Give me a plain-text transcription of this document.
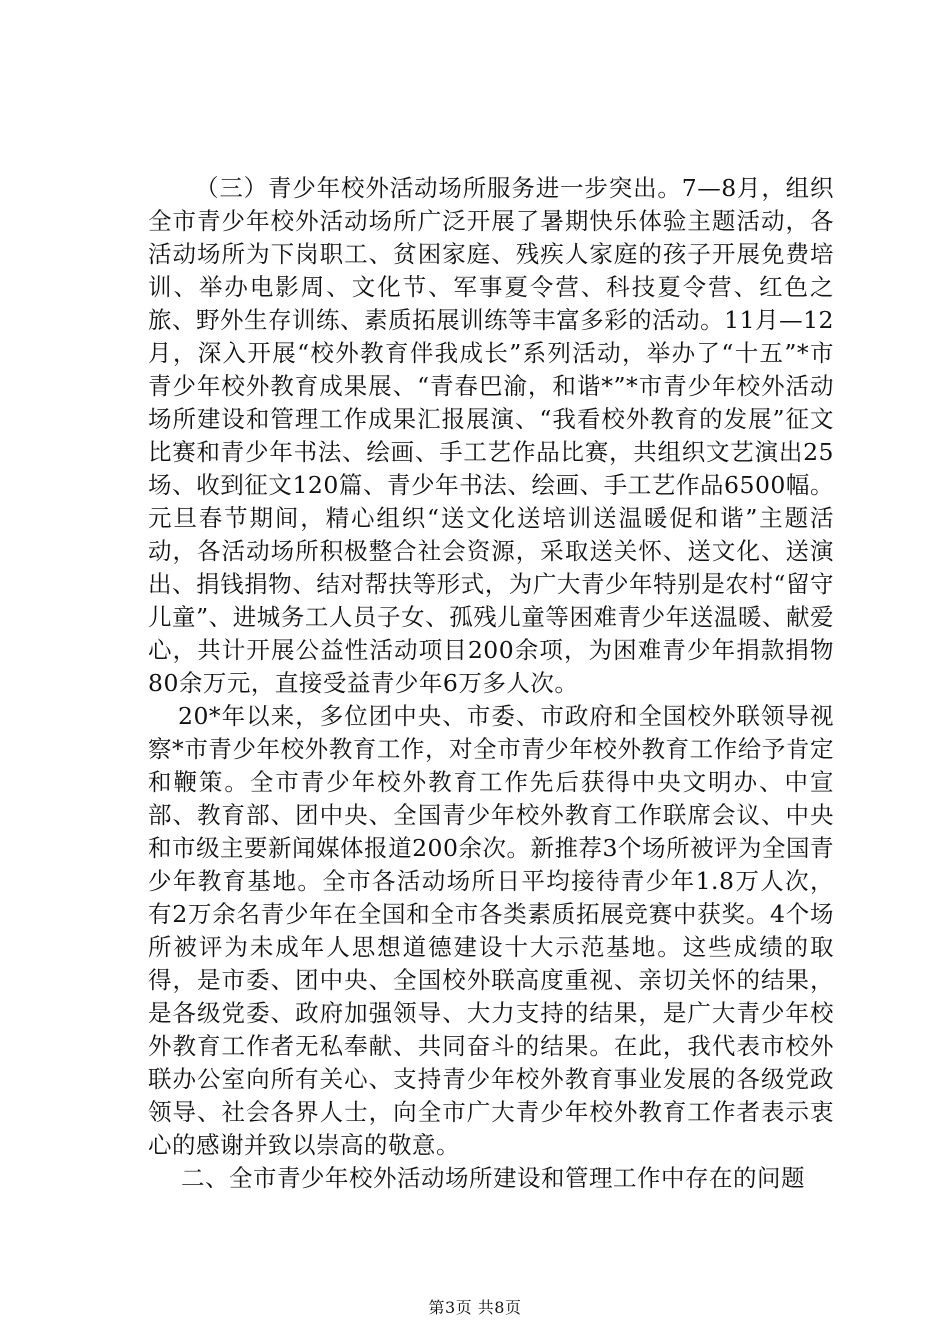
（三）青少年校外活动场所服务进一步突出。7—8月，组织全市青少年校外活动场所广泛开展了暑期快乐体验主题活动，各活动场所为下岗职工、贫困家庭、残疾人家庭的孩子开展免费培训、举办电影周、文化节、军事夏令营、科技夏令营、红色之旅、野外生存训练、素质拓展训练等丰富多彩的活动。11月—12月，深入开展“校外教育伴我成长”系列活动，举办了“十五”*市青少年校外教育成果展、“青春巴渝，和谐*”*市青少年校外活动场所建设和管理工作成果汇报展演、“我看校外教育的发展”征文比赛和青少年书法、绘画、手工艺作品比赛，共组织文艺演出25场、收到征文120篇、青少年书法、绘画、手工艺作品6500幅。元旦春节期间，精心组织“送文化送培训送温暖促和谐”主题活动，各活动场所积极整合社会资源，采取送关怀、送文化、送演出、捐钱捐物、结对帮扶等形式，为广大青少年特别是农村“留守儿童”、进城务工人员子女、孤残儿童等困难青少年送温暖、献爱心，共计开展公益性活动项目200余项，为困难青少年捐款捐物80余万元，直接受益青少年6万多人次。

20*年以来，多位团中央、市委、市政府和全国校外联领导视察*市青少年校外教育工作，对全市青少年校外教育工作给予肯定和鞭策。全市青少年校外教育工作先后获得中央文明办、中宣部、教育部、团中央、全国青少年校外教育工作联席会议、中央和市级主要新闻媒体报道200余次。新推荐3个场所被评为全国青少年教育基地。全市各活动场所日平均接待青少年1.8万人次，有2万余名青少年在全国和全市各类素质拓展竞赛中获奖。4个场所被评为未成年人思想道德建设十大示范基地。这些成绩的取得，是市委、团中央、全国校外联高度重视、亲切关怀的结果，是各级党委、政府加强领导、大力支持的结果，是广大青少年校外教育工作者无私奉献、共同奋斗的结果。在此，我代表市校外联办公室向所有关心、支持青少年校外教育事业发展的各级党政领导、社会各界人士，向全市广大青少年校外教育工作者表示衷心的感谢并致以崇高的敬意。

二、全市青少年校外活动场所建设和管理工作中存在的问题

第3页 共8页
